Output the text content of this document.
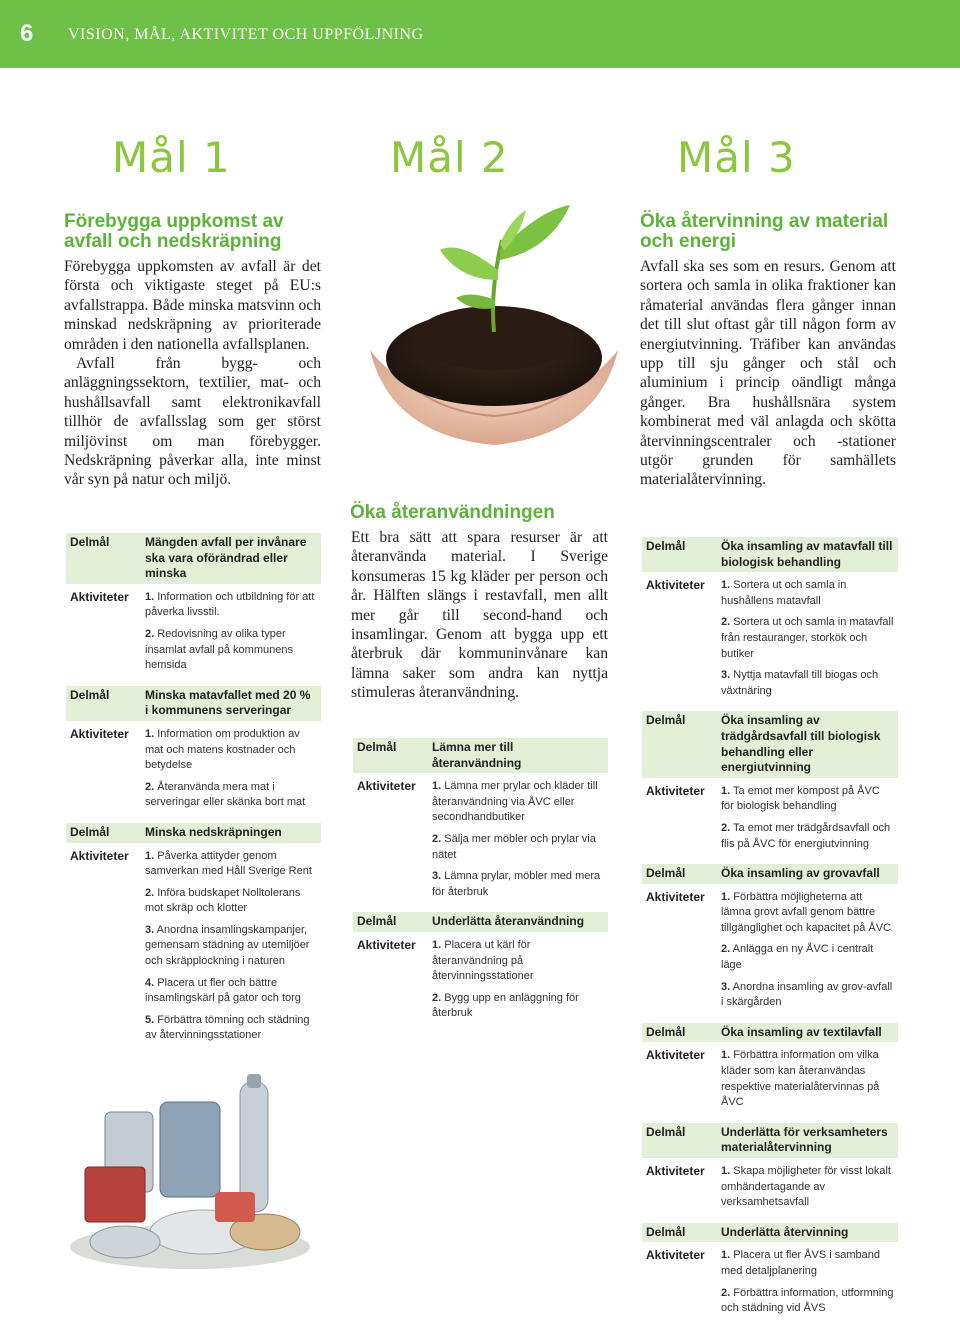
6 VISION, MÅL, AKTIVITET OCH UPPFÖLJNING
Mål 1	Mål 2	Mål 3
Förebygga uppkomst av avfall och nedskräpning

Förebygga uppkomsten av avfall är det första och viktigaste steget på EU:s avfallstrappa. Både minska matsvinn och minskad nedskräpning av prioriterade områden i den nationella avfallsplanen.

Avfall från bygg- och anläggningssektorn, textilier, mat- och hushållsavfall samt elektronikavfall tillhör de avfallsslag som ger störst miljövinst om man förebygger. Nedskräpning påverkar alla, inte minst vår syn på natur och miljö.

Delmål	Mängden avfall per invånare ska vara oförändrad eller minska
Aktiviteter	1. Information och utbildning för att påverka livsstil.
2. Redovisning av olika typer insamlat avfall på kommunens hemsida
Delmål	Minska matavfallet med 20 % i kommunens serveringar
Aktiviteter	1. Information om produktion av mat och matens kostnader och betydelse
2. Återanvända mera mat i serveringar eller skänka bort mat
Delmål	Minska nedskräpningen
Aktiviteter	1. Påverka attityder genom samverkan med Håll Sverige Rent
2. Införa budskapet Nolltolerans mot skräp och klotter
3. Anordna insamlingskampanjer, gemensam städning av utemiljöer och skräpplockning i naturen
4. Placera ut fler och bättre insamlingskärl på gator och torg
5. Förbättra tömning och städning av återvinningsstationer
Öka återanvändningen

Ett bra sätt att spara resurser är att återanvända material. I Sverige konsumeras 15 kg kläder per person och år. Hälften slängs i restavfall, men allt mer går till second-hand och insamlingar. Genom att bygga upp ett återbruk där kommuninvånare kan lämna saker som andra kan nyttja stimuleras återanvändning.

Delmål	Lämna mer till återanvändning
Aktiviteter	1. Lämna mer prylar och kläder till återanvändning via ÅVC eller secondhandbutiker
2. Sälja mer möbler och prylar via nätet
3. Lämna prylar, möbler med mera för återbruk
Delmål	Underlätta återanvändning
Aktiviteter	1. Placera ut kärl för återanvändning på återvinningsstationer
2. Bygg upp en anläggning för återbruk
Öka återvinning av material och energi

Avfall ska ses som en resurs. Genom att sortera och samla in olika fraktioner kan råmaterial användas flera gånger innan det till slut oftast går till någon form av energiutvinning. Träfiber kan användas upp till sju gånger och stål och aluminium i princip oändligt många gånger. Bra hushållsnära system kombinerat med väl anlagda och skötta återvinningscentraler och -stationer utgör grunden för samhällets materialåtervinning.

Delmål	Öka insamling av matavfall till biologisk behandling
Aktiviteter	1. Sortera ut och samla in hushållens matavfall
2. Sortera ut och samla in matavfall från restauranger, storkök och butiker
3. Nyttja matavfall till biogas och växtnäring
Delmål	Öka insamling av trädgårdsavfall till biologisk behandling eller energiutvinning
Aktiviteter	1. Ta emot mer kompost på ÅVC för biologisk behandling
2. Ta emot mer trädgårdsavfall och flis på ÅVC för energiutvinning
Delmål	Öka insamling av grovavfall
Aktiviteter	1. Förbättra möjligheterna att lämna grovt avfall genom bättre tillgänglighet och kapacitet på ÅVC
2. Anlägga en ny ÅVC i centralt läge
3. Anordna insamling av grov-avfall i skärgården
Delmål	Öka insamling av textilavfall
Aktiviteter	1. Förbättra information om vilka kläder som kan återanvändas respektive materialåtervinnas på ÅVC
Delmål	Underlätta för verksamheters materialåtervinning
Aktiviteter	1. Skapa möjligheter för visst lokalt omhändertagande av verksamhetsavfall
Delmål	Underlätta återvinning
Aktiviteter	1. Placera ut fler ÅVS i samband med detaljplanering
2. Förbättra information, utformning och städning vid ÅVS
